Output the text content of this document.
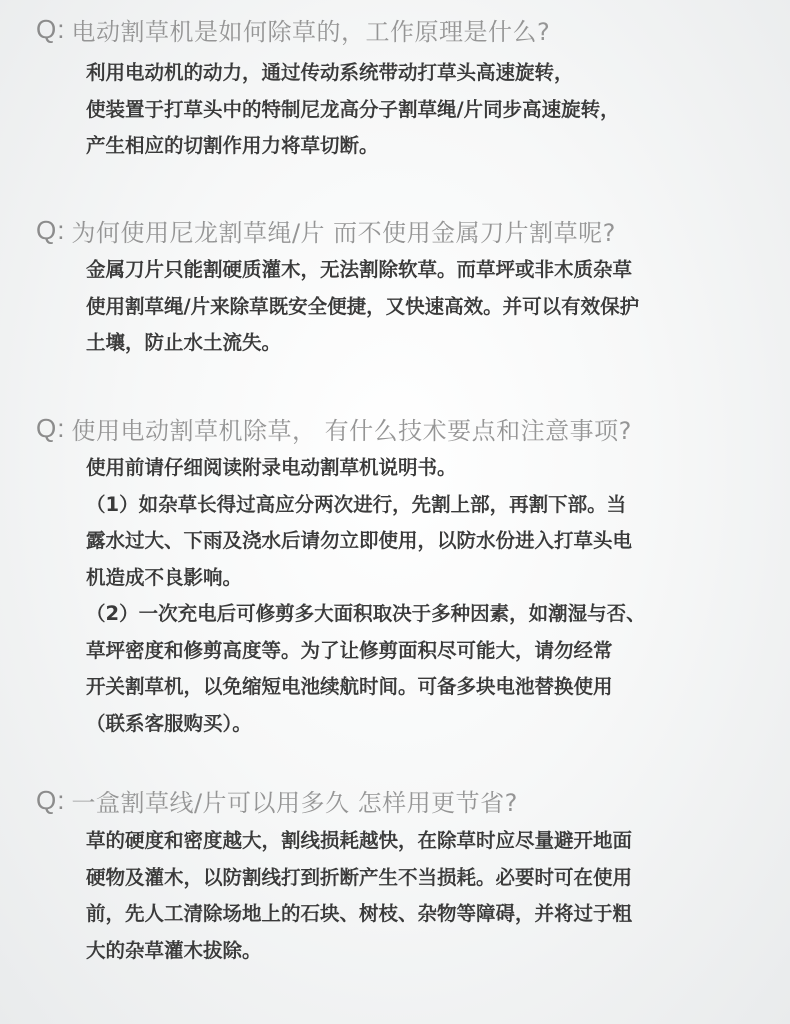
Q: 电动割草机是如何除草的，工作原理是什么?
利用电动机的动力，通过传动系统带动打草头高速旋转，
使装置于打草头中的特制尼龙高分子割草绳/片同步高速旋转，
产生相应的切割作用力将草切断。
Q: 为何使用尼龙割草绳/片 而不使用金属刀片割草呢?
金属刀片只能割硬质灌木，无法割除软草。而草坪或非木质杂草
使用割草绳/片来除草既安全便捷，又快速高效。并可以有效保护
土壤，防止水土流失。
Q: 使用电动割草机除草， 有什么技术要点和注意事项?
使用前请仔细阅读附录电动割草机说明书。
（1）如杂草长得过高应分两次进行，先割上部，再割下部。当
露水过大、下雨及浇水后请勿立即使用，以防水份进入打草头电
机造成不良影响。
（2）一次充电后可修剪多大面积取决于多种因素，如潮湿与否、
草坪密度和修剪高度等。为了让修剪面积尽可能大，请勿经常
开关割草机，以免缩短电池续航时间。可备多块电池替换使用
（联系客服购买）。
Q: 一盒割草线/片可以用多久 怎样用更节省?
草的硬度和密度越大，割线损耗越快，在除草时应尽量避开地面
硬物及灌木，以防割线打到折断产生不当损耗。必要时可在使用
前，先人工清除场地上的石块、树枝、杂物等障碍，并将过于粗
大的杂草灌木拔除。
